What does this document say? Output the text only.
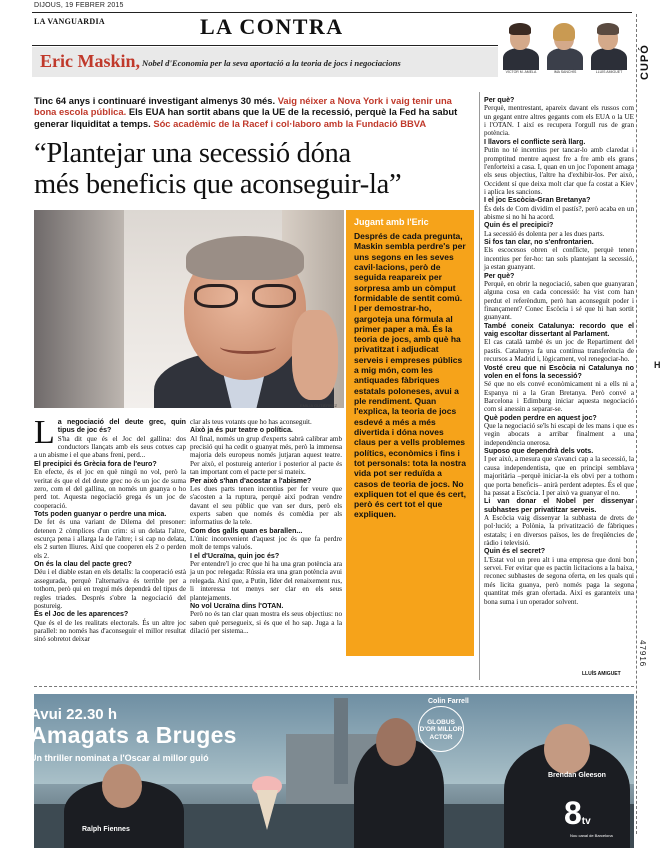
DIJOUS, 19 FEBRER 2015
LA VANGUARDIA	LA CONTRA
Eric Maskin, Nobel d'Economia per la seva aportació a la teoria de jocs i negociacions
VÍCTOR M. AMELA	IMA SANCHÍS	LLUÍS AMIGUET	CUPÓ
H
47916
Tinc 64 anys i continuaré investigant almenys 30 més. Vaig néixer a Nova York i vaig tenir una bona escola pública. Els EUA han sortit abans que la UE de la recessió, perquè la Fed ha sabut generar liquiditat a temps. Sóc acadèmic de la Racef i col·laboro amb la Fundació BBVA
“Plantejar una secessió dóna
més beneficis que aconseguir-la”
EMILIA GUTIÉRREZ

La negociació del deute grec, quin tipus de joc és?

S'ha dit que és el Joc del gallina: dos conductors llançats amb els seus cotxes cap a un abisme i el que abans freni, perd...

El precipici és Grècia fora de l'euro?

En efecte, és el joc en què ningú no vol, però la veritat és que el del deute grec no és un joc de suma zero, com el del gallina, on només un guanya o ho perd tot. Aquesta negociació grega és un joc de cooperació.

Tots poden guanyar o perdre una mica.

De fet és una variant de Dilema del presoner: detenen 2 còmplices d'un crim: si un delata l'altre, escurça pena i allarga la de l'altre; i si cap no delata, els 2 surten lliures. Així que cooperen els 2 o perden els 2.

On és la clau del pacte grec?

Déu i el diable estan en els detalls: la cooperació està assegurada, perquè l'alternativa és terrible per a tothom, però qui en treguí més dependrà del tipus de regles triades. Després s'obre la negociació del postureig.

És el Joc de les aparences?

Que és el de les realitats electorals. És un altre joc parallel: no només has d'aconseguir el millor resultat sinó sobretot deixar

clar als teus votants que ho has aconseguit.

Això ja és pur teatre o política.

Al final, només un grup d'experts sabrà calibrar amb precisió qui ha cedit o guanyat més, però la immensa majoria dels europeus només jutjaran aquest teatre. Per això, el postureig anterior i posterior al pacte és tan important com el pacte per si mateix.

Per això s'han d'acostar a l'abisme?

Les dues parts tenen incentius per fer veure que s'acosten a la ruptura, perquè així podran vendre davant el seu públic que van ser durs, però els experts saben que només és comèdia per als informatius de la tele.

Com dos galls quan es barallen...

L'únic inconvenient d'aquest joc és que fa perdre molt de temps valuós.

I el d'Ucraïna, quin joc és?

Per entendre'l jo crec que hi ha una gran potència ara ja un poc relegada: Rússia era una gran potència avui relegada. Així que, a Putin, líder del renaixement rus, li interessa tot menys ser clar en els seus plantejaments.

No vol Ucraïna dins l'OTAN.

Però no és tan clar quan mostra els seus objectius: no saben què persegueix, si és que el ho sap. Juga a la dilació per sistema...

Jugant amb l'Eric

Després de cada pregunta, Maskin sembla perdre's per uns segons en les seves cavil·lacions, però de seguida reapareix per sorpresa amb un còmput formidable de sentit comú. I per demostrar-ho, gargoteja una fórmula al primer paper a mà. És la teoria de jocs, amb què ha privatitzat i adjudicat serveis i empreses públics a mig món, com les antiquades fàbriques estatals poloneses, avui a ple rendiment. Quan l'explica, la teoria de jocs esdevé a més a més divertida i dóna noves claus per a vells problemes polítics, econòmics i fins i tot personals: tota la nostra vida pot ser reduïda a casos de teoria de jocs. No expliquen tot el que és cert, però és cert tot el que expliquen.

Per què?

Perquè, mentrestant, apareix davant els russos com un gegant entre altres gegants com els EUA o la UE i l'OTAN. I així es recupera l'orgull rus de gran potència.

I llavors el conflicte serà llarg.

Putin no té incentius per tancar-lo amb claredat i promptitud mentre aquest fre a fre amb els grans l'enforteixi a casa. I, quan en un joc l'oponent amaga els seus objectius, l'altre ha d'exhibir-los. Per això, Occident sí que deixa molt clar que fa costat a Kíev i aplica les sancions.

I el joc Escòcia-Gran Bretanya?

És dels de Com dividim el pastís?, però acaba en un abisme si no hi ha acord.

Quin és el precipici?

La secessió és dolenta per a les dues parts.

Si fos tan clar, no s'enfrontarien.

Els escocesos obren el conflicte, perquè tenen incentius per fer-ho: tan sols plantejant la secessió, ja estan guanyant.

Per què?

Perquè, en obrir la negociació, saben que guanyaran alguna cosa en cada concessió: ha vist com han perdut el referèndum, però han aconseguit poder i finançament? Conec Escòcia i sé que hi han sortit guanyant.

També coneix Catalunya: recordo que el vaig escoltar dissertant al Parlament.

El cas català també és un joc de Repartiment del pastís. Catalunya fa una contínua transferència de recursos a Madrid i, lògicament, vol renegociar-ho.

Vosté creu que ni Escòcia ni Catalunya no volen en el fons la secessió?

Sé que no els convé econòmicament ni a ells ni a Espanya ni a la Gran Bretanya. Però convé a Barcelona i Edimburg iniciar aquesta negociació com si anessin a separar-se.

Què poden perdre en aquest joc?

Que la negociació se'ls hi escapi de les mans i que es vegin abocats a arribar finalment a una independència onerosa.

Suposo que dependrà dels vots.

I per això, a mesura que s'avanci cap a la secessió, la causa independentista, que en principi semblava majoritària –perquè iniciar-la els obvi per a tothom que porta beneficis– anirà perdent adeptes. És el que ha passat a Escòcia. I per això va guanyar el no.

Li van donar el Nobel per dissenyar subhastes per privatitzar serveis.

A Escòcia vaig dissenyar la subhasta de drets de pol·lució; a Polònia, la privatització de fàbriques estatals; i en diversos països, les de freqüències de ràdio i televisió.

Quin és el secret?

L'Estat vol un preu alt i una empresa que doni bon servei. Fer evitar que es pactin licitacions a la baixa, reconec subhastes de segona oferta, en les quals qui més licita guanya, però només paga la segona quantitat més gran ofertada. Així es garanteix una bona suma i un operador solvent.

LLUÍS AMIGUET
Avui 22.30 h
Amagats a Bruges
Un thriller nominat a l'Oscar al millor guió
Colin Farrell
Ralph Fiennes
Brendan Gleeson
GLOBUS D'OR MILLOR ACTOR
8tv
Nou canal de Barcelona
